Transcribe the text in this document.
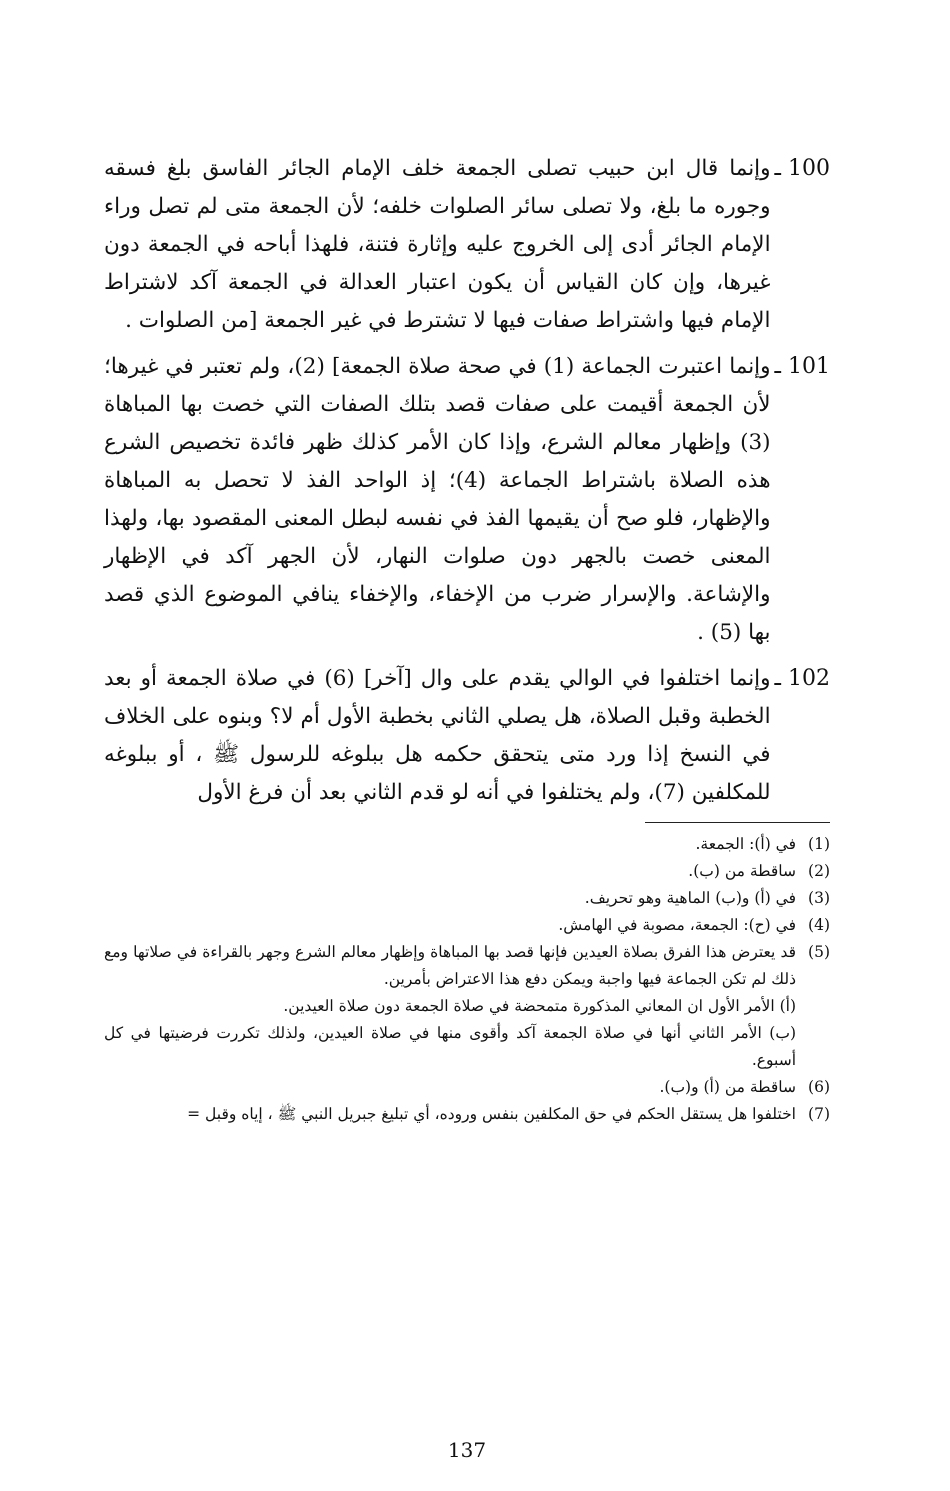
100 ـ

وإنما قال ابن حبيب تصلى الجمعة خلف الإمام الجائر الفاسق بلغ فسقه وجوره ما بلغ، ولا تصلى سائر الصلوات خلفه؛ لأن الجمعة متى لم تصل وراء الإمام الجائر أدى إلى الخروج عليه وإثارة فتنة، فلهذا أباحه في الجمعة دون غيرها، وإن كان القياس أن يكون اعتبار العدالة في الجمعة آكد لاشتراط الإمام فيها واشتراط صفات فيها لا تشترط في غير الجمعة [من الصلوات .

101 ـ

وإنما اعتبرت الجماعة (1) في صحة صلاة الجمعة] (2)، ولم تعتبر في غيرها؛ لأن الجمعة أقيمت على صفات قصد بتلك الصفات التي خصت بها المباهاة (3) وإظهار معالم الشرع، وإذا كان الأمر كذلك ظهر فائدة تخصيص الشرع هذه الصلاة باشتراط الجماعة (4)؛ إذ الواحد الفذ لا تحصل به المباهاة والإظهار، فلو صح أن يقيمها الفذ في نفسه لبطل المعنى المقصود بها، ولهذا المعنى خصت بالجهر دون صلوات النهار، لأن الجهر آكد في الإظهار والإشاعة. والإسرار ضرب من الإخفاء، والإخفاء ينافي الموضوع الذي قصد بها (5) .

102 ـ

وإنما اختلفوا في الوالي يقدم على وال [آخر] (6) في صلاة الجمعة أو بعد الخطبة وقبل الصلاة، هل يصلي الثاني بخطبة الأول أم لا؟ وبنوه على الخلاف في النسخ إذا ورد متى يتحقق حكمه هل ببلوغه للرسول ﷺ ، أو ببلوغه للمكلفين (7)، ولم يختلفوا في أنه لو قدم الثاني بعد أن فرغ الأول

(1)
في (أ): الجمعة.
(2)
ساقطة من (ب).
(3)
في (أ) و(ب) الماهية وهو تحريف.
(4)
في (ح): الجمعة، مصوبة في الهامش.
(5)
قد يعترض هذا الفرق بصلاة العيدين فإنها قصد بها المباهاة وإظهار معالم الشرع وجهر بالقراءة في صلاتها ومع ذلك لم تكن الجماعة فيها واجبة ويمكن دفع هذا الاعتراض بأمرين.
(أ) الأمر الأول ان المعاني المذكورة متمحضة في صلاة الجمعة دون صلاة العيدين.
(ب) الأمر الثاني أنها في صلاة الجمعة آكد وأقوى منها في صلاة العيدين، ولذلك تكررت فرضيتها في كل أسبوع.
(6)
ساقطة من (أ) و(ب).
(7)
اختلفوا هل يستقل الحكم في حق المكلفين بنفس وروده، أي تبليغ جبريل النبي ﷺ ، إياه وقبل =
137
